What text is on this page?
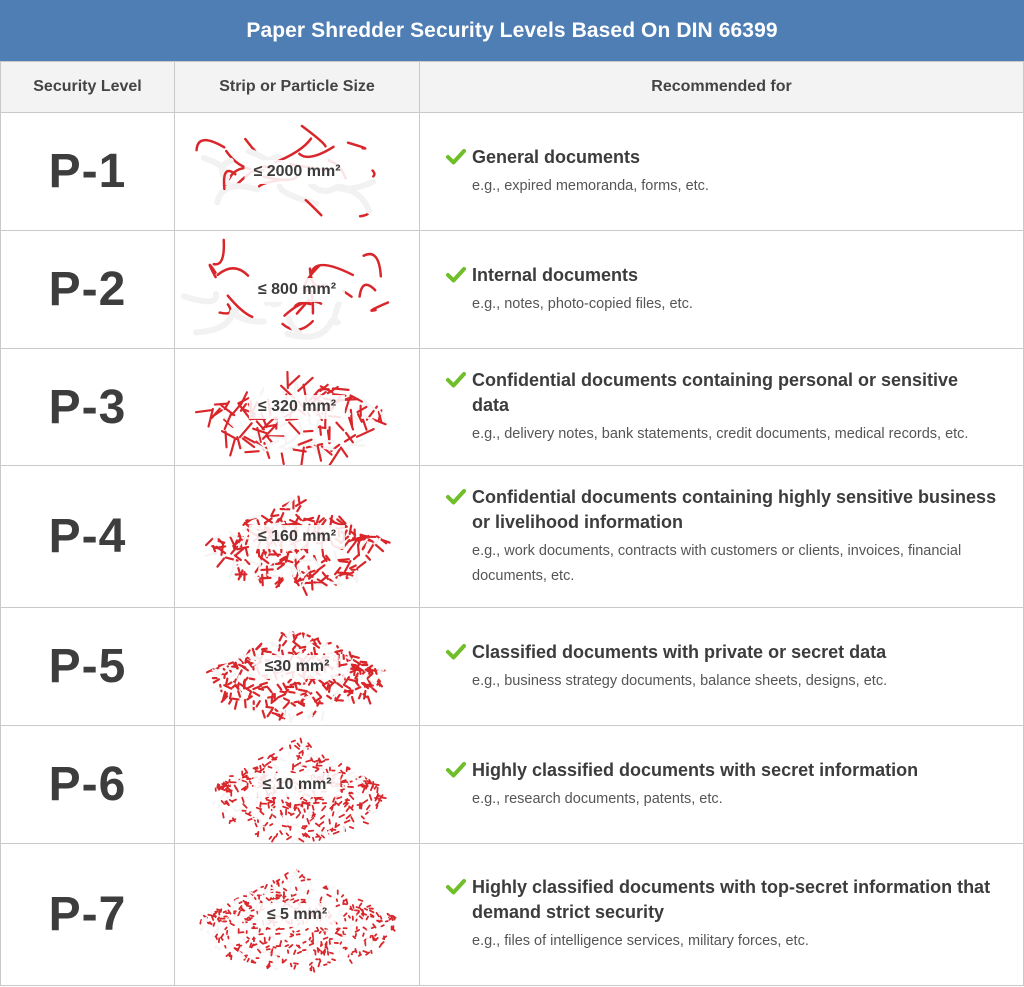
Paper Shredder Security Levels Based On DIN 66399
Security Level	Strip or Particle Size	Recommended for
P-1	≤ 2000 mm²	General documents
e.g., expired memoranda, forms, etc.

P-2	≤ 800 mm²	Internal documents
e.g., notes, photo-copied files, etc.

P-3	≤ 320 mm²	Confidential documents containing personal or sensitive data
e.g., delivery notes, bank statements, credit documents, medical records, etc.

P-4	≤ 160 mm²	Confidential documents containing highly sensitive business or livelihood information
e.g., work documents, contracts with customers or clients, invoices, financial documents, etc.

P-5	≤30 mm²	Classified documents with private or secret data
e.g., business strategy documents, balance sheets, designs, etc.

P-6	≤ 10 mm²	Highly classified documents with secret information
e.g., research documents, patents, etc.

P-7	≤ 5 mm²	Highly classified documents with top-secret information that demand strict security
e.g., files of intelligence services, military forces, etc.
